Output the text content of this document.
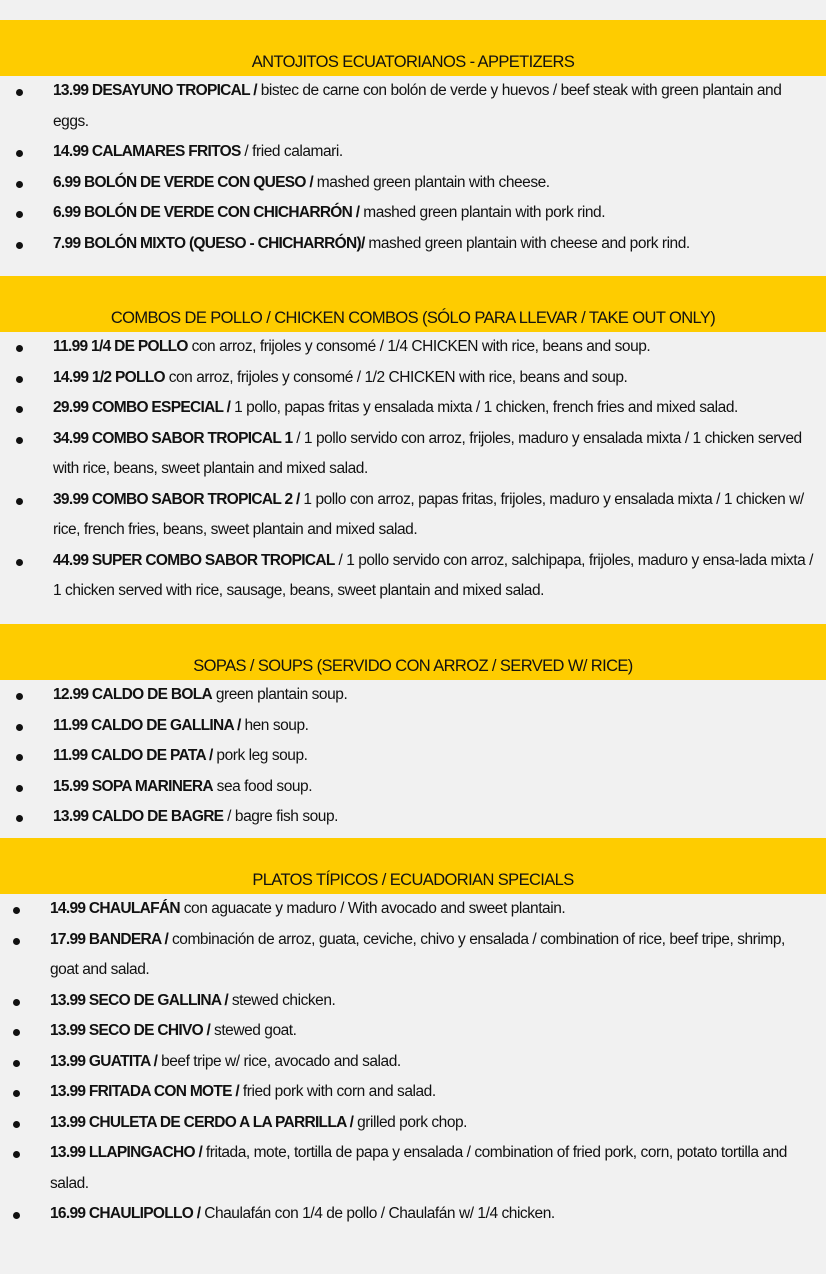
ANTOJITOS ECUATORIANOS - APPETIZERS
13.99 DESAYUNO TROPICAL / bistec de carne con bolón de verde y huevos / beef steak with green plantain and eggs.
14.99 CALAMARES FRITOS / fried calamari.
6.99 BOLÓN DE VERDE CON QUESO / mashed green plantain with cheese.
6.99 BOLÓN DE VERDE CON CHICHARRÓN / mashed green plantain with pork rind.
7.99 BOLÓN MIXTO (QUESO - CHICHARRÓN)/ mashed green plantain with cheese and pork rind.
COMBOS DE POLLO / CHICKEN COMBOS (SÓLO PARA LLEVAR / TAKE OUT ONLY)
11.99 1/4 DE POLLO con arroz, frijoles y consomé / 1/4 CHICKEN with rice, beans and soup.
14.99 1/2 POLLO con arroz, frijoles y consomé / 1/2 CHICKEN with rice, beans and soup.
29.99 COMBO ESPECIAL / 1 pollo, papas fritas y ensalada mixta / 1 chicken, french fries and mixed salad.
34.99 COMBO SABOR TROPICAL 1 / 1 pollo servido con arroz, frijoles, maduro y ensalada mixta / 1 chicken served with rice, beans, sweet plantain and mixed salad.
39.99 COMBO SABOR TROPICAL 2 / 1 pollo con arroz, papas fritas, frijoles, maduro y ensalada mixta / 1 chicken w/ rice, french fries, beans, sweet plantain and mixed salad.
44.99 SUPER COMBO SABOR TROPICAL / 1 pollo servido con arroz, salchipapa, frijoles, maduro y ensa-lada mixta / 1 chicken served with rice, sausage, beans, sweet plantain and mixed salad.
SOPAS / SOUPS (SERVIDO CON ARROZ / SERVED W/ RICE)
12.99 CALDO DE BOLA green plantain soup.
11.99 CALDO DE GALLINA / hen soup.
11.99 CALDO DE PATA / pork leg soup.
15.99 SOPA MARINERA sea food soup.
13.99 CALDO DE BAGRE / bagre fish soup.
PLATOS TÍPICOS / ECUADORIAN SPECIALS
14.99 CHAULAFÁN con aguacate y maduro / With avocado and sweet plantain.
17.99 BANDERA / combinación de arroz, guata, ceviche, chivo y ensalada / combination of rice, beef tripe, shrimp, goat and salad.
13.99 SECO DE GALLINA / stewed chicken.
13.99 SECO DE CHIVO / stewed goat.
13.99 GUATITA / beef tripe w/ rice, avocado and salad.
13.99 FRITADA CON MOTE / fried pork with corn and salad.
13.99 CHULETA DE CERDO A LA PARRILLA / grilled pork chop.
13.99 LLAPINGACHO / fritada, mote, tortilla de papa y ensalada / combination of fried pork, corn, potato tortilla and salad.
16.99 CHAULIPOLLO / Chaulafán con 1/4 de pollo / Chaulafán w/ 1/4 chicken.
